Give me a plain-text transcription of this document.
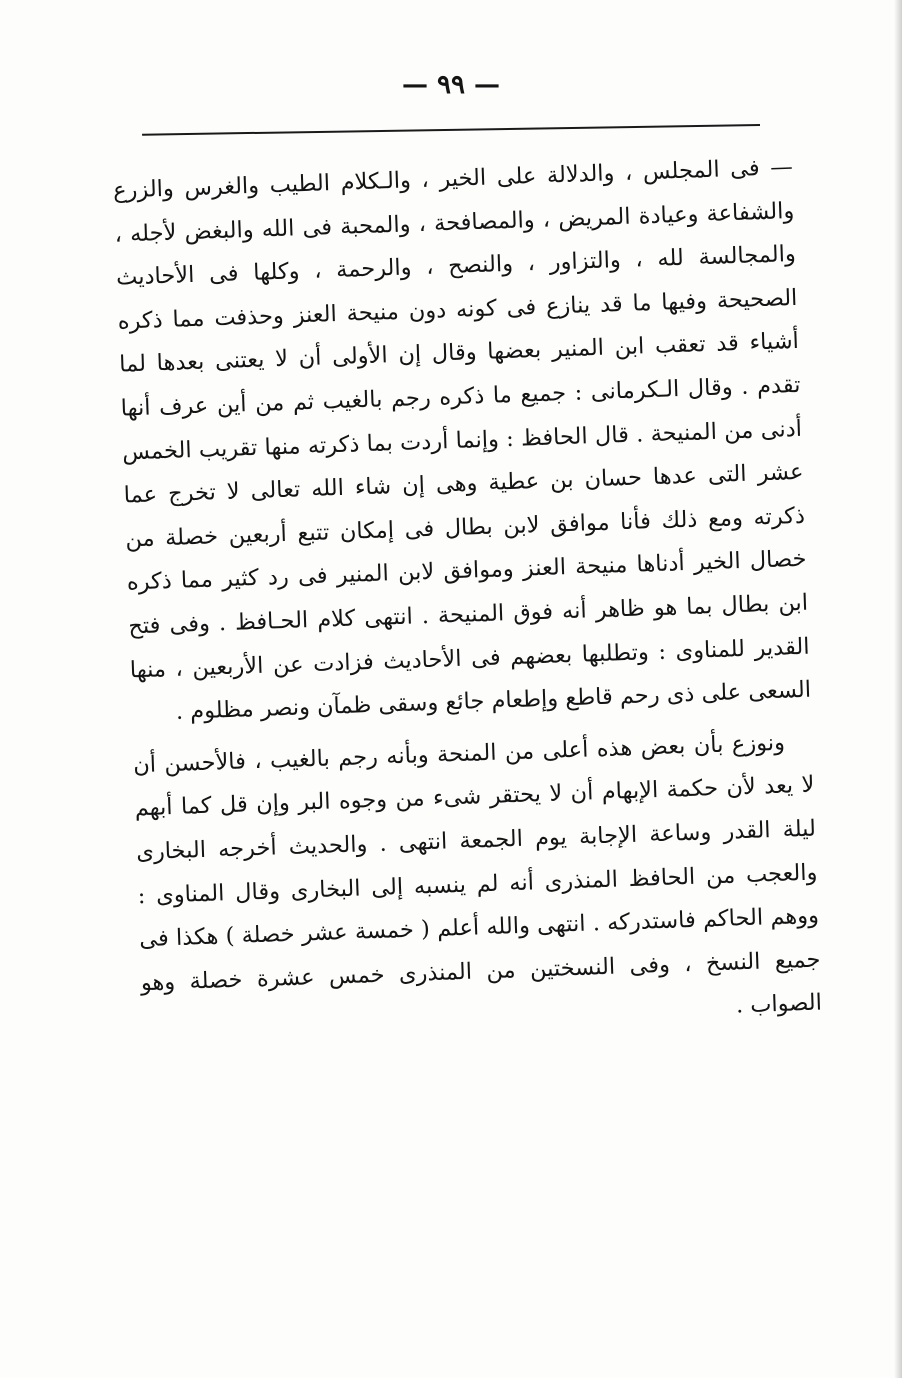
— ٩٩ —

— فى المجلس ، والدلالة على الخير ، والـكلام الطيب والغرس والزرع والشفاعة وعيادة المريض ، والمصافحة ، والمحبة فى الله والبغض لأجله ، والمجالسة لله ، والتزاور ، والنصح ، والرحمة ، وكلها فى الأحاديث الصحيحة وفيها ما قد ينازع فى كونه دون منيحة العنز وحذفت مما ذكره أشياء قد تعقب ابن المنير بعضها وقال إن الأولى أن لا يعتنى بعدها لما تقدم . وقال الـكرمانى : جميع ما ذكره رجم بالغيب ثم من أين عرف أنها أدنى من المنيحة . قال الحافظ : وإنما أردت بما ذكرته منها تقريب الخمس عشر التى عدها حسان بن عطية وهى إن شاء الله تعالى لا تخرج عما ذكرته ومع ذلك فأنا موافق لابن بطال فى إمكان تتبع أربعين خصلة من خصال الخير أدناها منيحة العنز وموافق لابن المنير فى رد كثير مما ذكره ابن بطال بما هو ظاهر أنه فوق المنيحة . انتهى كلام الحـافظ . وفى فتح القدير للمناوى : وتطلبها بعضهم فى الأحاديث فزادت عن الأربعين ، منها السعى على ذى رحم قاطع وإطعام جائع وسقى ظمآن ونصر مظلوم .

ونوزع بأن بعض هذه أعلى من المنحة وبأنه رجم بالغيب ، فالأحسن أن لا يعد لأن حكمة الإبهام أن لا يحتقر شىء من وجوه البر وإن قل كما أبهم ليلة القدر وساعة الإجابة يوم الجمعة انتهى . والحديث أخرجه البخارى والعجب من الحافظ المنذرى أنه لم ينسبه إلى البخارى وقال المناوى : ووهم الحاكم فاستدركه . انتهى والله أعلم ( خمسة عشر خصلة ) هكذا فى جميع النسخ ، وفى النسختين من المنذرى خمس عشرة خصلة وهو الصواب .
